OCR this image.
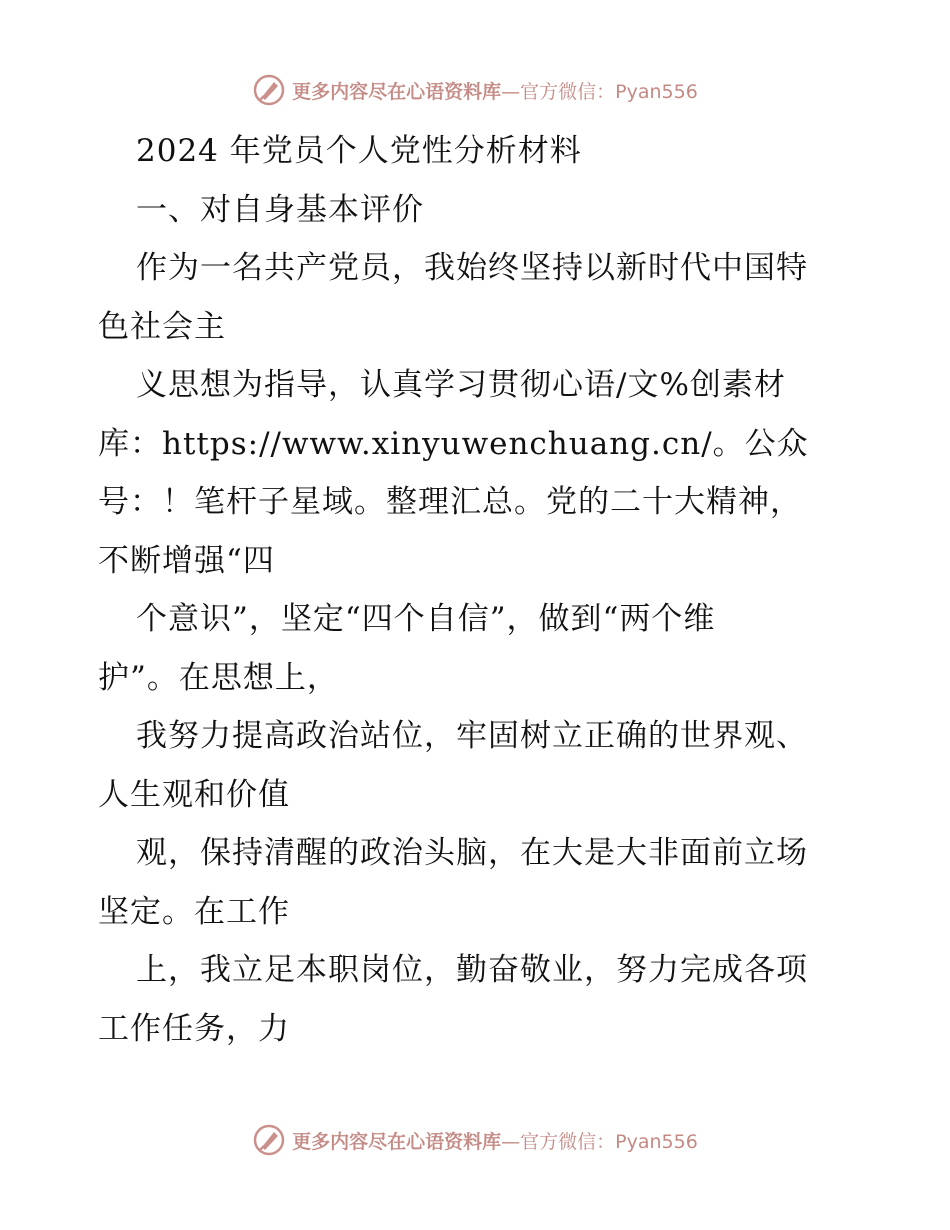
更多内容尽在心语资料库—官方微信：Pyan556
2024 年党员个人党性分析材料
一、对自身基本评价
作为一名共产党员，我始终坚持以新时代中国特
色社会主
义思想为指导，认真学习贯彻心语/文%创素材
库：https://www.xinyuwenchuang.cn/。公众
号：！笔杆子星域。整理汇总。党的二十大精神，
不断增强“四
个意识”，坚定“四个自信”，做到“两个维
护”。在思想上，
我努力提高政治站位，牢固树立正确的世界观、
人生观和价值
观，保持清醒的政治头脑，在大是大非面前立场
坚定。在工作
上，我立足本职岗位，勤奋敬业，努力完成各项
工作任务，力
更多内容尽在心语资料库—官方微信：Pyan556
